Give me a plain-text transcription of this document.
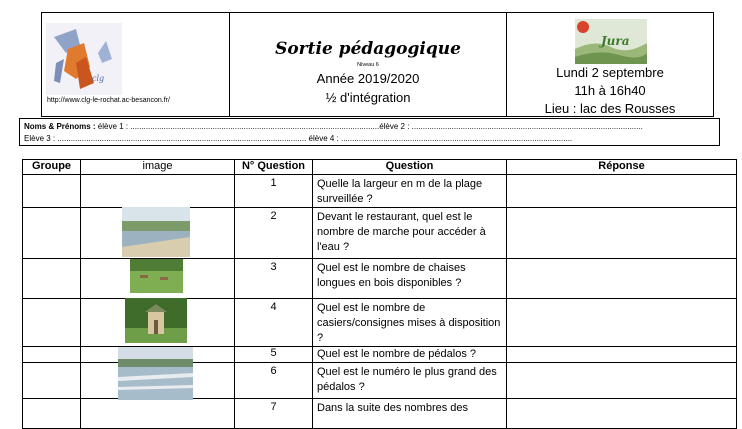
clg
http://www.clg-le-rochat.ac-besancon.fr/
Sortie pédagogique
Niveau 6
Année 2019/2020
½ d'intégration
Jura
Lundi 2 septembre
11h à 16h40
Lieu : lac des Rousses
Noms & Prénoms : élève 1 : ................................................................................................................élève 2 : ........................................................................................................
Elève 3 : ................................................................................................................ élève 4 : ........................................................................................................
Groupe	image	N° Question	Question	Réponse
		1	Quelle la largeur en m de la plage surveillée ?	
		2	Devant le restaurant, quel est le nombre de marche pour accéder à l'eau ?	
		3	Quel est le nombre de chaises longues en bois disponibles ?	
		4	Quel est le nombre de casiers/consignes mises à disposition ?	
		5	Quel est le nombre de pédalos ?	
		6	Quel est le numéro le plus grand des pédalos ?	
		7	Dans la suite des nombres des	
